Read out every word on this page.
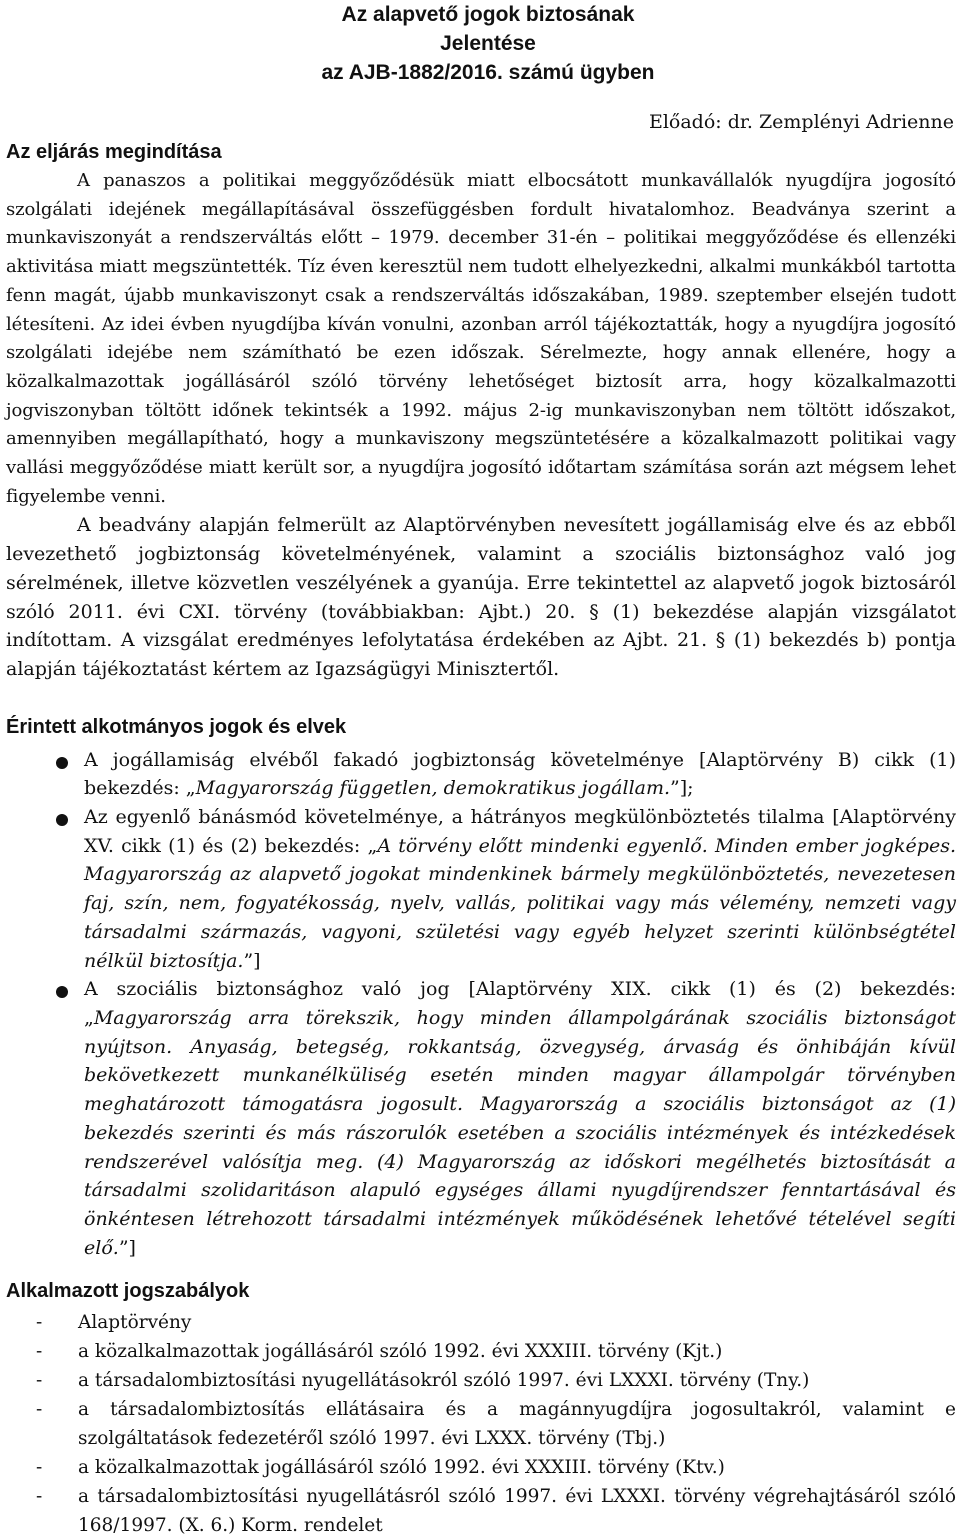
Az alapvető jogok biztosának
Jelentése
az AJB-1882/2016. számú ügyben
Előadó: dr. Zemplényi Adrienne
Az eljárás megindítása

A panaszos a politikai meggyőződésük miatt elbocsátott munkavállalók nyugdíjra jogosító szolgálati idejének megállapításával összefüggésben fordult hivatalomhoz. Beadványa szerint a munkaviszonyát a rendszerváltás előtt – 1979. december 31-én – politikai meggyőződése és ellenzéki aktivitása miatt megszüntették. Tíz éven keresztül nem tudott elhelyezkedni, alkalmi munkákból tartotta fenn magát, újabb munkaviszonyt csak a rendszerváltás időszakában, 1989. szeptember elsején tudott létesíteni. Az idei évben nyugdíjba kíván vonulni, azonban arról tájékoztatták, hogy a nyugdíjra jogosító szolgálati idejébe nem számítható be ezen időszak. Sérelmezte, hogy annak ellenére, hogy a közalkalmazottak jogállásáról szóló törvény lehetőséget biztosít arra, hogy közalkalmazotti jogviszonyban töltött időnek tekintsék a 1992. május 2-ig munkaviszonyban nem töltött időszakot, amennyiben megállapítható, hogy a munkaviszony megszüntetésére a közalkalmazott politikai vagy vallási meggyőződése miatt került sor, a nyugdíjra jogosító időtartam számítása során azt mégsem lehet figyelembe venni.

A beadvány alapján felmerült az Alaptörvényben nevesített jogállamiság elve és az ebből levezethető jogbiztonság követelményének, valamint a szociális biztonsághoz való jog sérelmének, illetve közvetlen veszélyének a gyanúja. Erre tekintettel az alapvető jogok biztosáról szóló 2011. évi CXI. törvény (továbbiakban: Ajbt.) 20. § (1) bekezdése alapján vizsgálatot indítottam. A vizsgálat eredményes lefolytatása érdekében az Ajbt. 21. § (1) bekezdés b) pontja alapján tájékoztatást kértem az Igazságügyi Minisztertől.

Érintett alkotmányos jogok és elvek
A jogállamiság elvéből fakadó jogbiztonság követelménye [Alaptörvény B) cikk (1) bekezdés: „Magyarország független, demokratikus jogállam.”];
Az egyenlő bánásmód követelménye, a hátrányos megkülönböztetés tilalma [Alaptörvény XV. cikk (1) és (2) bekezdés: „A törvény előtt mindenki egyenlő. Minden ember jogképes. Magyarország az alapvető jogokat mindenkinek bármely megkülönböztetés, nevezetesen faj, szín, nem, fogyatékosság, nyelv, vallás, politikai vagy más vélemény, nemzeti vagy társadalmi származás, vagyoni, születési vagy egyéb helyzet szerinti különbségtétel nélkül biztosítja.”]
A szociális biztonsághoz való jog [Alaptörvény XIX. cikk (1) és (2) bekezdés: „Magyarország arra törekszik, hogy minden állampolgárának szociális biztonságot nyújtson. Anyaság, betegség, rokkantság, özvegység, árvaság és önhibáján kívül bekövetkezett munkanélküliség esetén minden magyar állampolgár törvényben meghatározott támogatásra jogosult. Magyarország a szociális biztonságot az (1) bekezdés szerinti és más rászorulók esetében a szociális intézmények és intézkedések rendszerével valósítja meg. (4) Magyarország az időskori megélhetés biztosítását a társadalmi szolidaritáson alapuló egységes állami nyugdíjrendszer fenntartásával és önkéntesen létrehozott társadalmi intézmények működésének lehetővé tételével segíti elő.”]
Alkalmazott jogszabályok
- Alaptörvény
- a közalkalmazottak jogállásáról szóló 1992. évi XXXIII. törvény (Kjt.)
- a társadalombiztosítási nyugellátásokról szóló 1997. évi LXXXI. törvény (Tny.)
- a társadalombiztosítás ellátásaira és a magánnyugdíjra jogosultakról, valamint e szolgáltatások fedezetéről szóló 1997. évi LXXX. törvény (Tbj.)
- a közalkalmazottak jogállásáról szóló 1992. évi XXXIII. törvény (Ktv.)
- a társadalombiztosítási nyugellátásról szóló 1997. évi LXXXI. törvény végrehajtásáról szóló 168/1997. (X. 6.) Korm. rendelet
